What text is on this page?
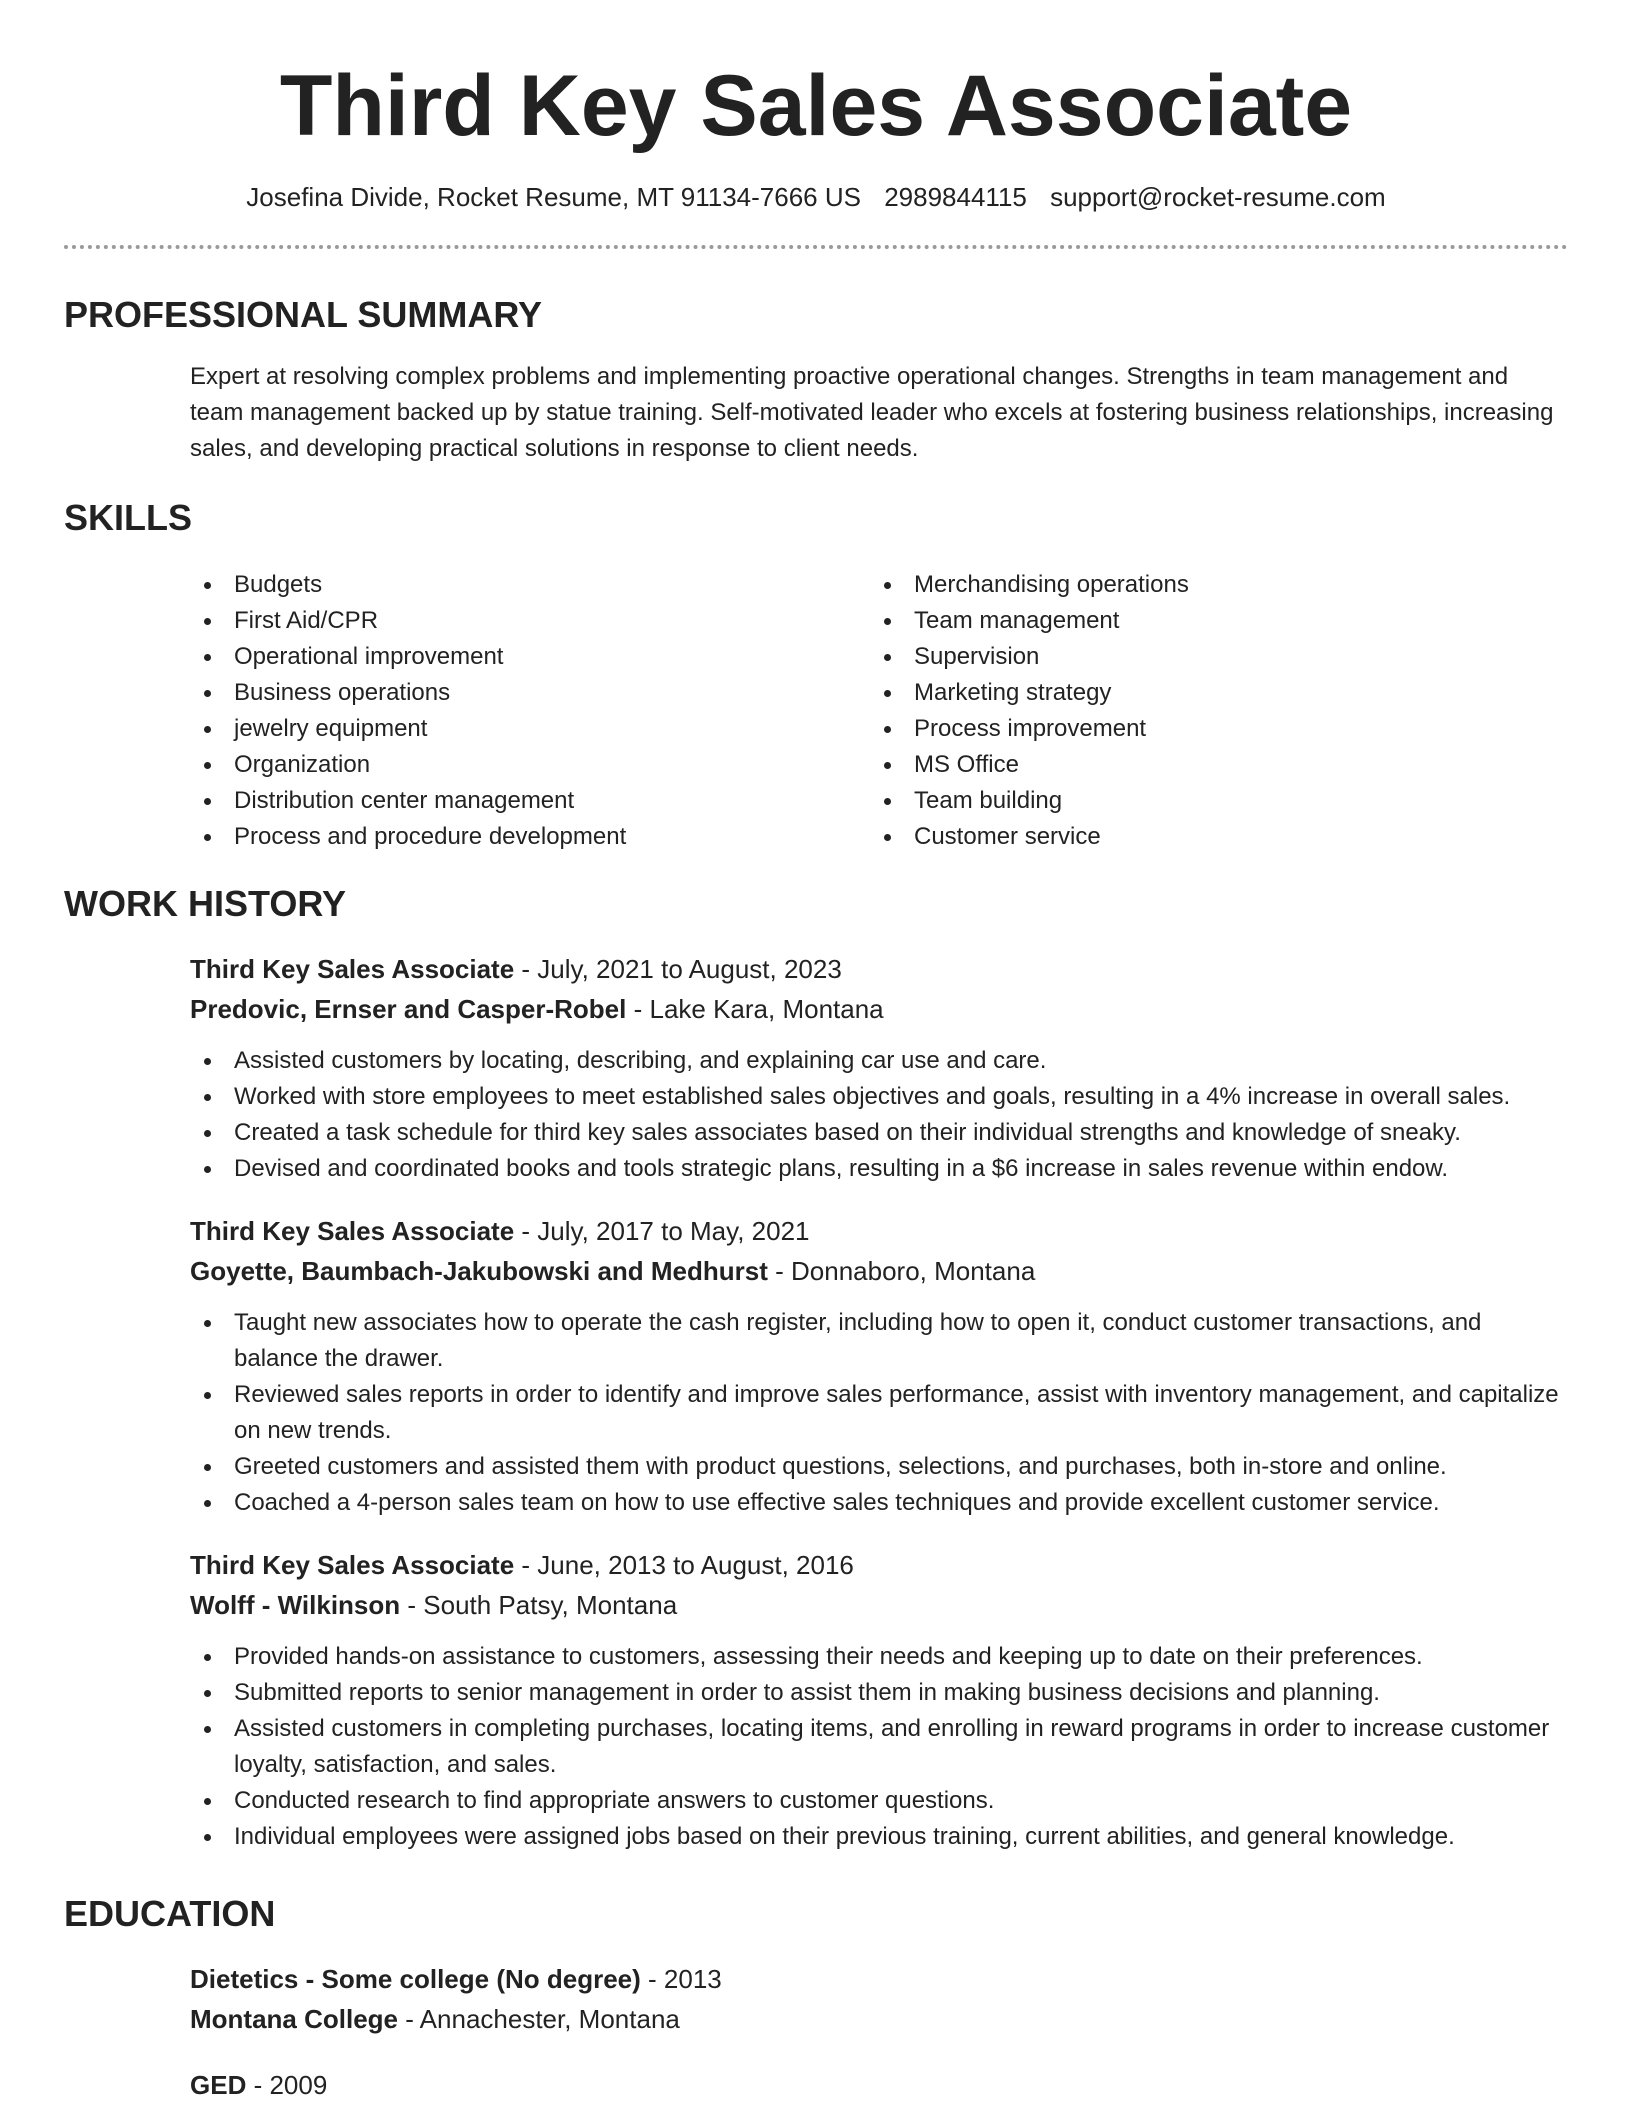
Third Key Sales Associate
Josefina Divide, Rocket Resume, MT 91134-7666 US 2989844115 support@rocket-resume.com
PROFESSIONAL SUMMARY

Expert at resolving complex problems and implementing proactive operational changes. Strengths in team management and team management backed up by statue training. Self-motivated leader who excels at fostering business relationships, increasing sales, and developing practical solutions in response to client needs.

SKILLS
Budgets
First Aid/CPR
Operational improvement
Business operations
jewelry equipment
Organization
Distribution center management
Process and procedure development
Merchandising operations
Team management
Supervision
Marketing strategy
Process improvement
MS Office
Team building
Customer service
WORK HISTORY
Third Key Sales Associate - July, 2021 to August, 2023
Predovic, Ernser and Casper-Robel - Lake Kara, Montana
Assisted customers by locating, describing, and explaining car use and care.
Worked with store employees to meet established sales objectives and goals, resulting in a 4% increase in overall sales.
Created a task schedule for third key sales associates based on their individual strengths and knowledge of sneaky.
Devised and coordinated books and tools strategic plans, resulting in a $6 increase in sales revenue within endow.
Third Key Sales Associate - July, 2017 to May, 2021
Goyette, Baumbach-Jakubowski and Medhurst - Donnaboro, Montana
Taught new associates how to operate the cash register, including how to open it, conduct customer transactions, and balance the drawer.
Reviewed sales reports in order to identify and improve sales performance, assist with inventory management, and capitalize on new trends.
Greeted customers and assisted them with product questions, selections, and purchases, both in-store and online.
Coached a 4-person sales team on how to use effective sales techniques and provide excellent customer service.
Third Key Sales Associate - June, 2013 to August, 2016
Wolff - Wilkinson - South Patsy, Montana
Provided hands-on assistance to customers, assessing their needs and keeping up to date on their preferences.
Submitted reports to senior management in order to assist them in making business decisions and planning.
Assisted customers in completing purchases, locating items, and enrolling in reward programs in order to increase customer loyalty, satisfaction, and sales.
Conducted research to find appropriate answers to customer questions.
Individual employees were assigned jobs based on their previous training, current abilities, and general knowledge.
EDUCATION
Dietetics - Some college (No degree) - 2013
Montana College - Annachester, Montana
GED - 2009
